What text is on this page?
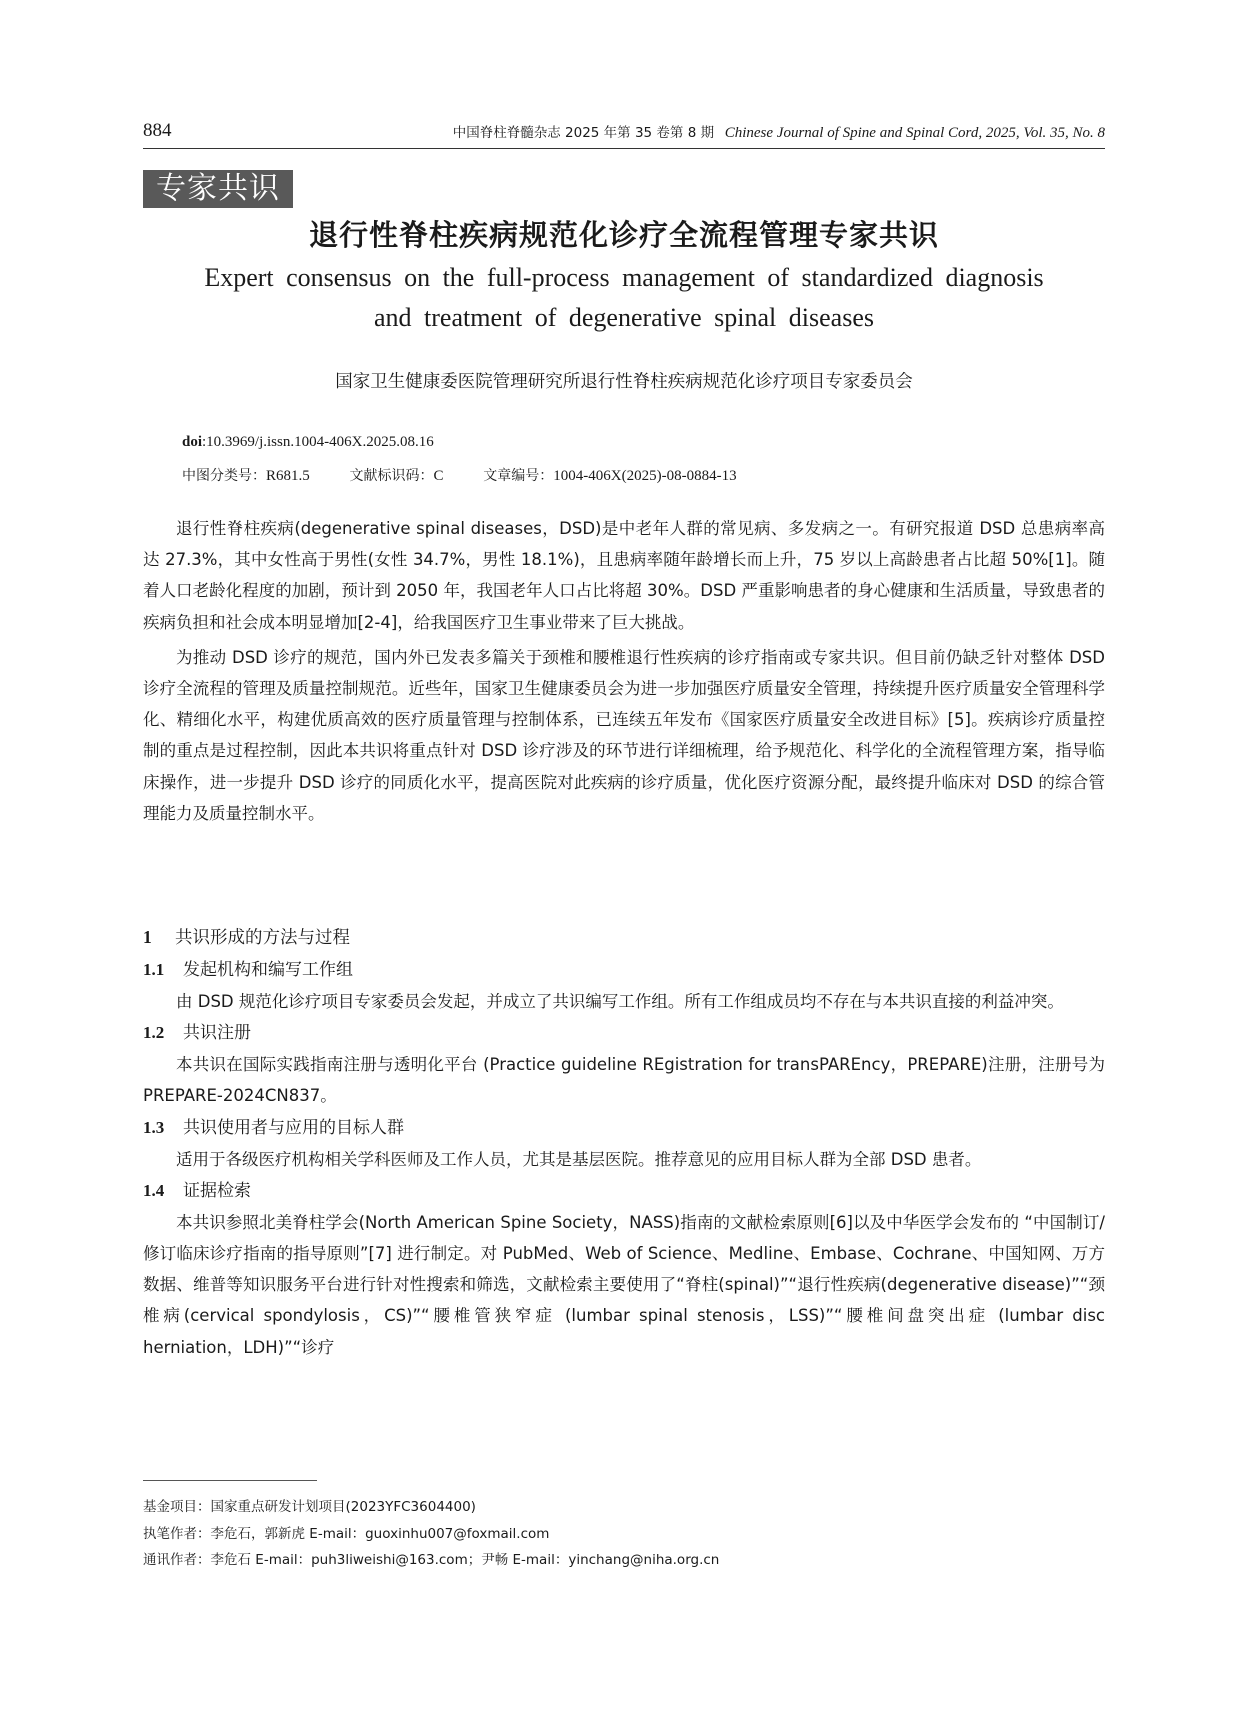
884	中国脊柱脊髓杂志 2025 年第 35 卷第 8 期 Chinese Journal of Spine and Spinal Cord, 2025, Vol. 35, No. 8
专家共识
退行性脊柱疾病规范化诊疗全流程管理专家共识
Expert consensus on the full-process management of standardized diagnosis
and treatment of degenerative spinal diseases
国家卫生健康委医院管理研究所退行性脊柱疾病规范化诊疗项目专家委员会
doi:10.3969/j.issn.1004-406X.2025.08.16
中图分类号：R681.5	文献标识码：C	文章编号：1004-406X(2025)-08-0884-13

退行性脊柱疾病(degenerative spinal diseases，DSD)是中老年人群的常见病、多发病之一。有研究报道 DSD 总患病率高达 27.3%，其中女性高于男性(女性 34.7%，男性 18.1%)，且患病率随年龄增长而上升，75 岁以上高龄患者占比超 50%[1]。随着人口老龄化程度的加剧，预计到 2050 年，我国老年人口占比将超 30%。DSD 严重影响患者的身心健康和生活质量，导致患者的疾病负担和社会成本明显增加[2-4]，给我国医疗卫生事业带来了巨大挑战。

为推动 DSD 诊疗的规范，国内外已发表多篇关于颈椎和腰椎退行性疾病的诊疗指南或专家共识。但目前仍缺乏针对整体 DSD 诊疗全流程的管理及质量控制规范。近些年，国家卫生健康委员会为进一步加强医疗质量安全管理，持续提升医疗质量安全管理科学化、精细化水平，构建优质高效的医疗质量管理与控制体系，已连续五年发布《国家医疗质量安全改进目标》[5]。疾病诊疗质量控制的重点是过程控制，因此本共识将重点针对 DSD 诊疗涉及的环节进行详细梳理，给予规范化、科学化的全流程管理方案，指导临床操作，进一步提升 DSD 诊疗的同质化水平，提高医院对此疾病的诊疗质量，优化医疗资源分配，最终提升临床对 DSD 的综合管理能力及质量控制水平。

1 共识形成的方法与过程
1.1 发起机构和编写工作组

由 DSD 规范化诊疗项目专家委员会发起，并成立了共识编写工作组。所有工作组成员均不存在与本共识直接的利益冲突。

1.2 共识注册

本共识在国际实践指南注册与透明化平台 (Practice guideline REgistration for transPAREncy，PREPARE)注册，注册号为 PREPARE-2024CN837。

1.3 共识使用者与应用的目标人群

适用于各级医疗机构相关学科医师及工作人员，尤其是基层医院。推荐意见的应用目标人群为全部 DSD 患者。

1.4 证据检索

本共识参照北美脊柱学会(North American Spine Society，NASS)指南的文献检索原则[6]以及中华医学会发布的 “中国制订/修订临床诊疗指南的指导原则”[7] 进行制定。对 PubMed、Web of Science、Medline、Embase、Cochrane、中国知网、万方数据、维普等知识服务平台进行针对性搜索和筛选，文献检索主要使用了“脊柱(spinal)”“退行性疾病(degenerative disease)”“颈椎病(cervical spondylosis，CS)”“腰椎管狭窄症 (lumbar spinal stenosis，LSS)”“腰椎间盘突出症 (lumbar disc herniation，LDH)”“诊疗

基金项目：国家重点研发计划项目(2023YFC3604400)
执笔作者：李危石，郭新虎 E-mail：guoxinhu007@foxmail.com
通讯作者：李危石 E-mail：puh3liweishi@163.com；尹畅 E-mail：yinchang@niha.org.cn
